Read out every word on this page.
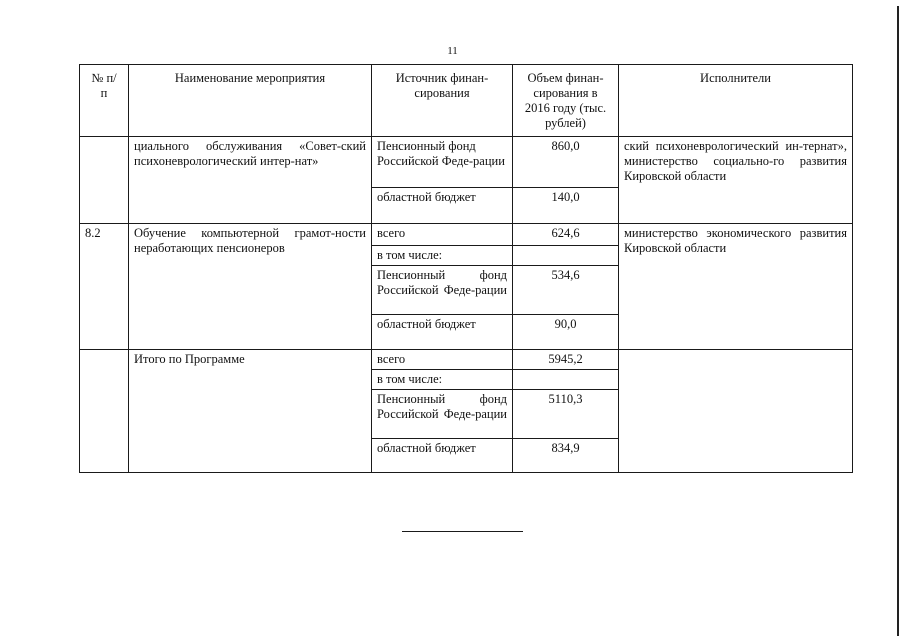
11
№ п/п	Наименование мероприятия	Источник финан-сирования	Объем финан-сирования в 2016 году (тыс. рублей)	Исполнители
	циального обслуживания «Совет-ский психоневрологический интер-нат»	Пенсионный фонд Российской Феде-рации	860,0	ский психоневрологический ин-тернат», министерство социально-го развития Кировской области
		областной бюджет	140,0	
8.2	Обучение компьютерной грамот-ности неработающих пенсионеров	всего	624,6	министерство экономического развития Кировской области
		в том числе:		
		Пенсионный фонд Российской Феде-рации	534,6	
		областной бюджет	90,0	
	Итого по Программе	всего	5945,2	
		в том числе:		
		Пенсионный фонд Российской Феде-рации	5110,3	
		областной бюджет	834,9	
